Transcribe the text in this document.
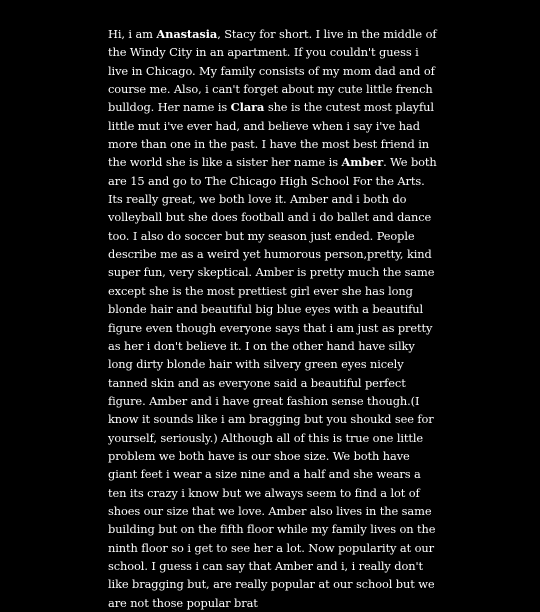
Hi, i am Anastasia, Stacy for short. I live in the middle of the Windy City in an apartment. If you couldn't guess i live in Chicago. My family consists of my mom dad and of course me. Also, i can't forget about my cute little french bulldog. Her name is Clara she is the cutest most playful little mut i've ever had, and believe when i say i've had more than one in the past. I have the most best friend in the world she is like a sister her name is Amber. We both are 15 and go to The Chicago High School For the Arts. Its really great, we both love it. Amber and i both do volleyball but she does football and i do ballet and dance too. I also do soccer but my season just ended. People describe me as a weird yet humorous person,pretty, kind super fun, very skeptical. Amber is pretty much the same except she is the most prettiest girl ever she has long blonde hair and beautiful big blue eyes with a beautiful figure even though everyone says that i am just as pretty as her i don't believe it. I on the other hand have silky long dirty blonde hair with silvery green eyes nicely tanned skin and as everyone said a beautiful perfect figure. Amber and i have great fashion sense though.(I know it sounds like i am bragging but you shoukd see for yourself, seriously.) Although all of this is true one little problem we both have is our shoe size. We both have giant feet i wear a size nine and a half and she wears a ten its crazy i know but we always seem to find a lot of shoes our size that we love. Amber also lives in the same building but on the fifth floor while my family lives on the ninth floor so i get to see her a lot. Now popularity at our school. I guess i can say that Amber and i, i really don't like bragging but, are really popular at our school but we are not those popular brat
